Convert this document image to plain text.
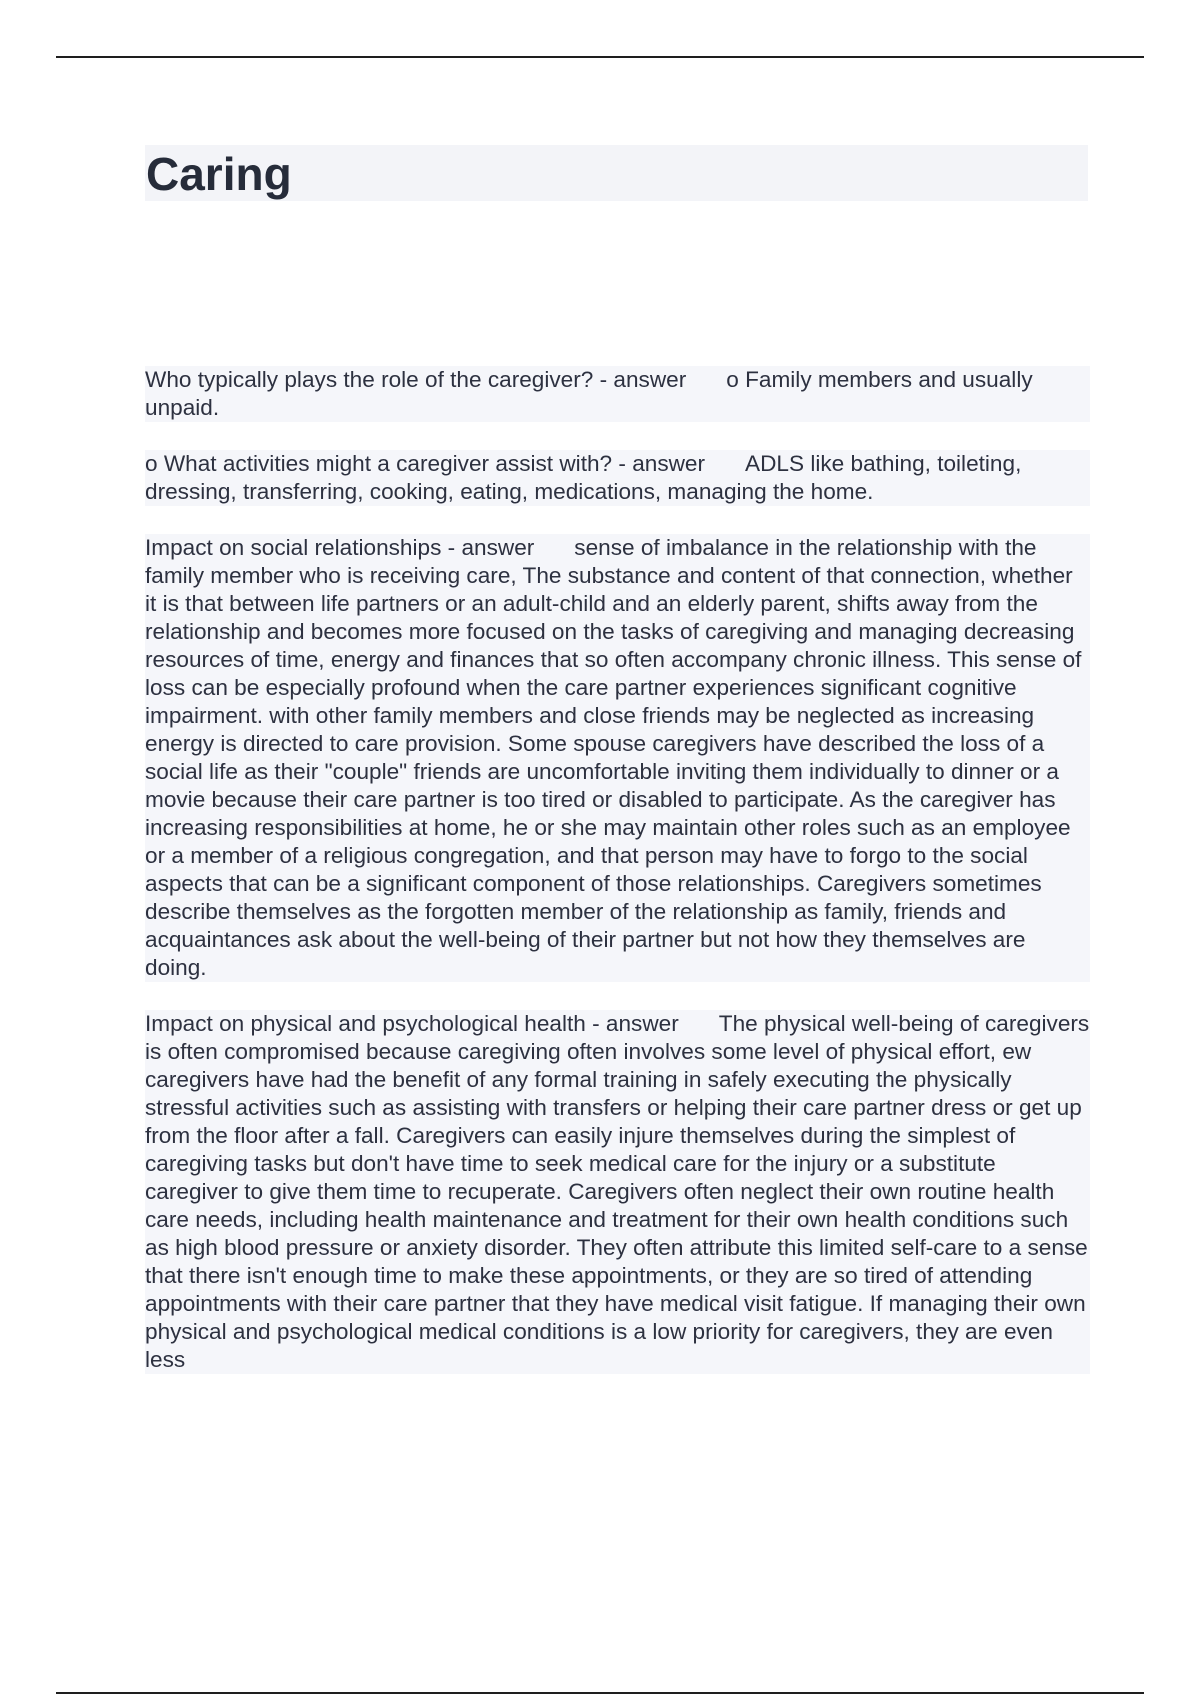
Caring

Who typically plays the role of the caregiver? - answer o Family members and usually unpaid.

o What activities might a caregiver assist with? - answer ADLS like bathing, toileting, dressing, transferring, cooking, eating, medications, managing the home.

Impact on social relationships - answer sense of imbalance in the relationship with the family member who is receiving care, The substance and content of that connection, whether it is that between life partners or an adult-child and an elderly parent, shifts away from the relationship and becomes more focused on the tasks of caregiving and managing decreasing resources of time, energy and finances that so often accompany chronic illness. This sense of loss can be especially profound when the care partner experiences significant cognitive impairment. with other family members and close friends may be neglected as increasing energy is directed to care provision. Some spouse caregivers have described the loss of a social life as their "couple" friends are uncomfortable inviting them individually to dinner or a movie because their care partner is too tired or disabled to participate. As the caregiver has increasing responsibilities at home, he or she may maintain other roles such as an employee or a member of a religious congregation, and that person may have to forgo to the social aspects that can be a significant component of those relationships. Caregivers sometimes describe themselves as the forgotten member of the relationship as family, friends and acquaintances ask about the well-being of their partner but not how they themselves are doing.

Impact on physical and psychological health - answer The physical well-being of caregivers is often compromised because caregiving often involves some level of physical effort, ew caregivers have had the benefit of any formal training in safely executing the physically stressful activities such as assisting with transfers or helping their care partner dress or get up from the floor after a fall. Caregivers can easily injure themselves during the simplest of caregiving tasks but don't have time to seek medical care for the injury or a substitute caregiver to give them time to recuperate. Caregivers often neglect their own routine health care needs, including health maintenance and treatment for their own health conditions such as high blood pressure or anxiety disorder. They often attribute this limited self-care to a sense that there isn't enough time to make these appointments, or they are so tired of attending appointments with their care partner that they have medical visit fatigue. If managing their own physical and psychological medical conditions is a low priority for caregivers, they are even less
